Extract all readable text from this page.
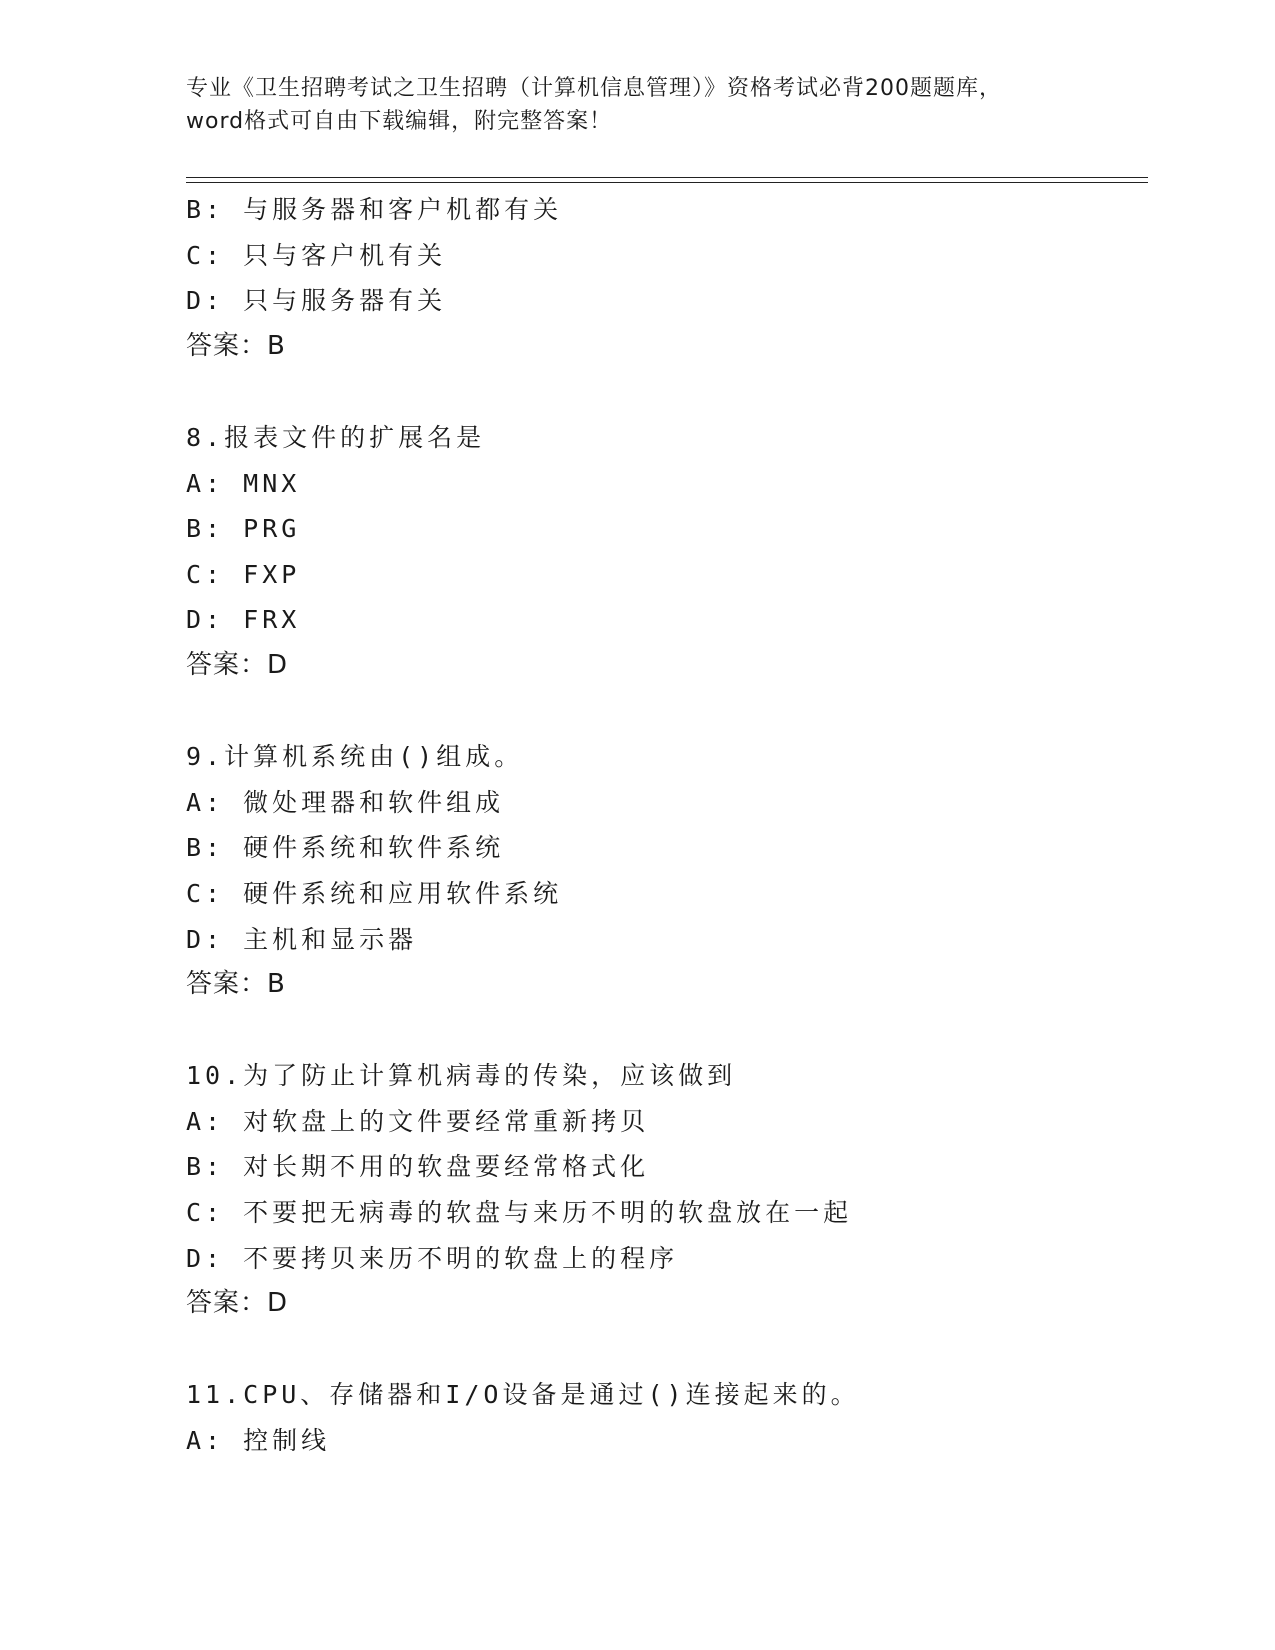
专业《卫生招聘考试之卫生招聘（计算机信息管理）》资格考试必背200题题库，
word格式可自由下载编辑，附完整答案！
B: 与服务器和客户机都有关
C: 只与客户机有关
D: 只与服务器有关
答案：B
8.报表文件的扩展名是
A: MNX
B: PRG
C: FXP
D: FRX
答案：D
9.计算机系统由()组成。
A: 微处理器和软件组成
B: 硬件系统和软件系统
C: 硬件系统和应用软件系统
D: 主机和显示器
答案：B
10.为了防止计算机病毒的传染，应该做到
A: 对软盘上的文件要经常重新拷贝
B: 对长期不用的软盘要经常格式化
C: 不要把无病毒的软盘与来历不明的软盘放在一起
D: 不要拷贝来历不明的软盘上的程序
答案：D
11.CPU、存储器和I/O设备是通过()连接起来的。
A: 控制线
